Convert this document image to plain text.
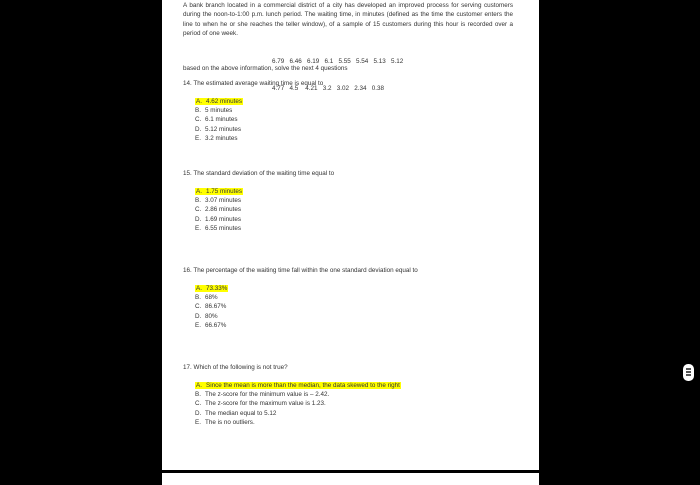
A bank branch located in a commercial district of a city has developed an improved process for serving customers during the noon-to-1:00 p.m. lunch period. The waiting time, in minutes (defined as the time the customer enters the line to when he or she reaches the teller window), of a sample of 15 customers during this hour is recorded over a period of one week.

6.79   6.46   6.19   6.1   5.55   5.54   5.13   5.12

4.77   4.5    4.21   3.2   3.02   2.34   0.38

based on the above information, solve the next 4 questions
14. The estimated average waiting time is equal to
A. 4.62 minutes
B. 5 minutes
C. 6.1 minutes
D. 5.12 minutes
E. 3.2 minutes
15. The standard deviation of the waiting time equal to
A. 1.75 minutes
B. 3.07 minutes
C. 2.86 minutes
D. 1.69 minutes
E. 6.55 minutes
16. The percentage of the waiting time fall within the one standard deviation equal to
A. 73.33%
B. 68%
C. 86.67%
D. 80%
E. 66.67%
17. Which of the following is not true?
A. Since the mean is more than the median, the data skewed to the right
B. The z-score for the minimum value is – 2.42.
C. The z-score for the maximum value is 1.23.
D. The median equal to 5.12
E. The is no outliers.
